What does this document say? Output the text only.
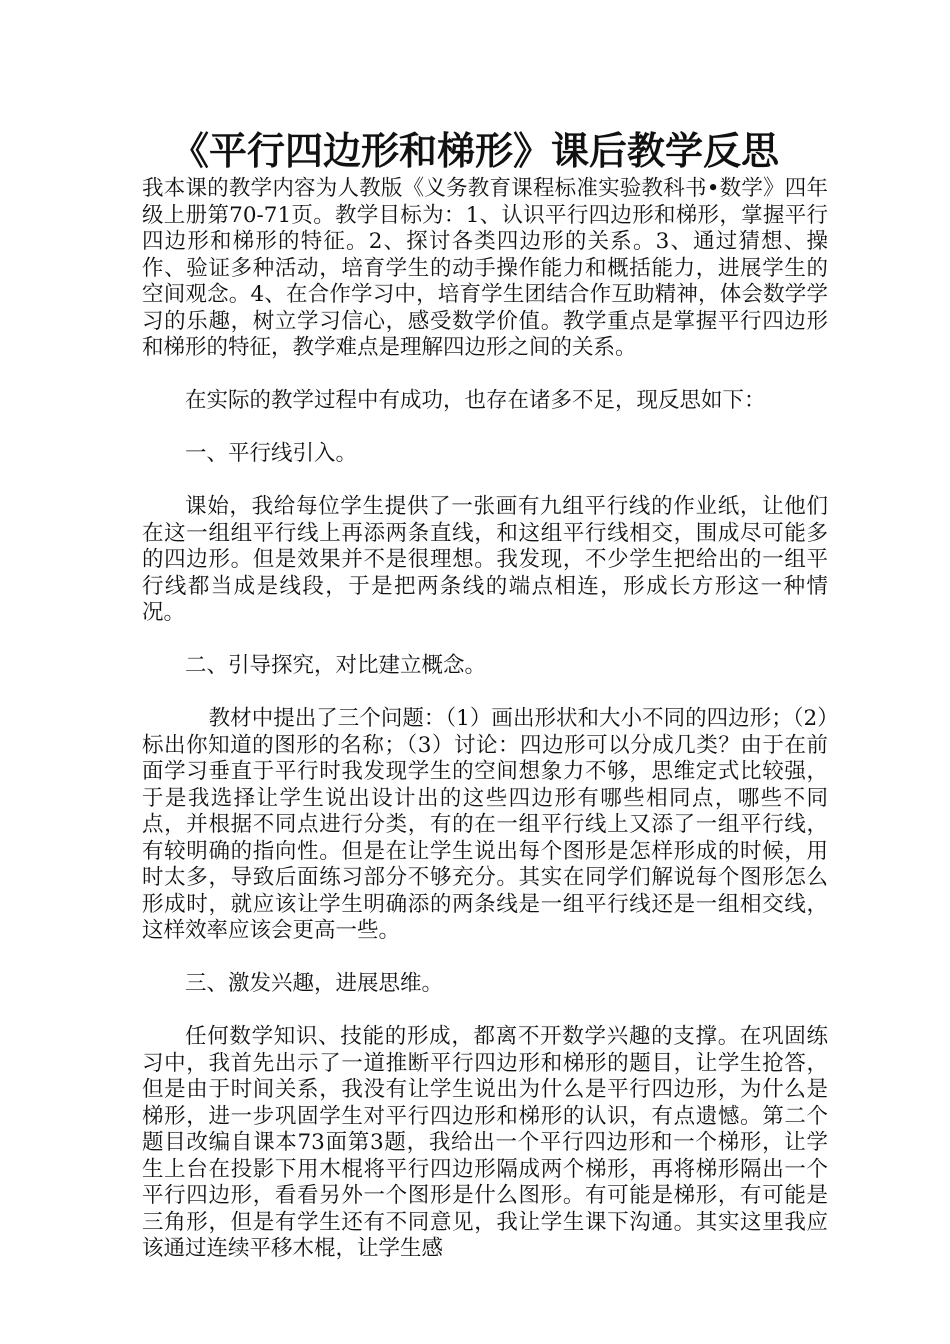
《平行四边形和梯形》课后教学反思

我本课的教学内容为人教版《义务教育课程标准实验教科书•数学》四年级上册第70-71页。教学目标为：1、认识平行四边形和梯形，掌握平行四边形和梯形的特征。2、探讨各类四边形的关系。3、通过猜想、操作、验证多种活动，培育学生的动手操作能力和概括能力，进展学生的空间观念。4、在合作学习中，培育学生团结合作互助精神，体会数学学习的乐趣，树立学习信心，感受数学价值。教学重点是掌握平行四边形和梯形的特征，教学难点是理解四边形之间的关系。

在实际的教学过程中有成功，也存在诸多不足，现反思如下：

一、平行线引入。

课始，我给每位学生提供了一张画有九组平行线的作业纸，让他们在这一组组平行线上再添两条直线，和这组平行线相交，围成尽可能多的四边形。但是效果并不是很理想。我发现，不少学生把给出的一组平行线都当成是线段，于是把两条线的端点相连，形成长方形这一种情况。

二、引导探究，对比建立概念。

教材中提出了三个问题：（1）画出形状和大小不同的四边形；（2）标出你知道的图形的名称；（3）讨论：四边形可以分成几类？由于在前面学习垂直于平行时我发现学生的空间想象力不够，思维定式比较强，于是我选择让学生说出设计出的这些四边形有哪些相同点，哪些不同点，并根据不同点进行分类，有的在一组平行线上又添了一组平行线，有较明确的指向性。但是在让学生说出每个图形是怎样形成的时候，用时太多，导致后面练习部分不够充分。其实在同学们解说每个图形怎么形成时，就应该让学生明确添的两条线是一组平行线还是一组相交线，这样效率应该会更高一些。

三、激发兴趣，进展思维。

任何数学知识、技能的形成，都离不开数学兴趣的支撑。在巩固练习中，我首先出示了一道推断平行四边形和梯形的题目，让学生抢答，但是由于时间关系，我没有让学生说出为什么是平行四边形，为什么是梯形，进一步巩固学生对平行四边形和梯形的认识，有点遗憾。第二个题目改编自课本73面第3题，我给出一个平行四边形和一个梯形，让学生上台在投影下用木棍将平行四边形隔成两个梯形，再将梯形隔出一个平行四边形，看看另外一个图形是什么图形。有可能是梯形，有可能是三角形，但是有学生还有不同意见，我让学生课下沟通。其实这里我应该通过连续平移木棍，让学生感
